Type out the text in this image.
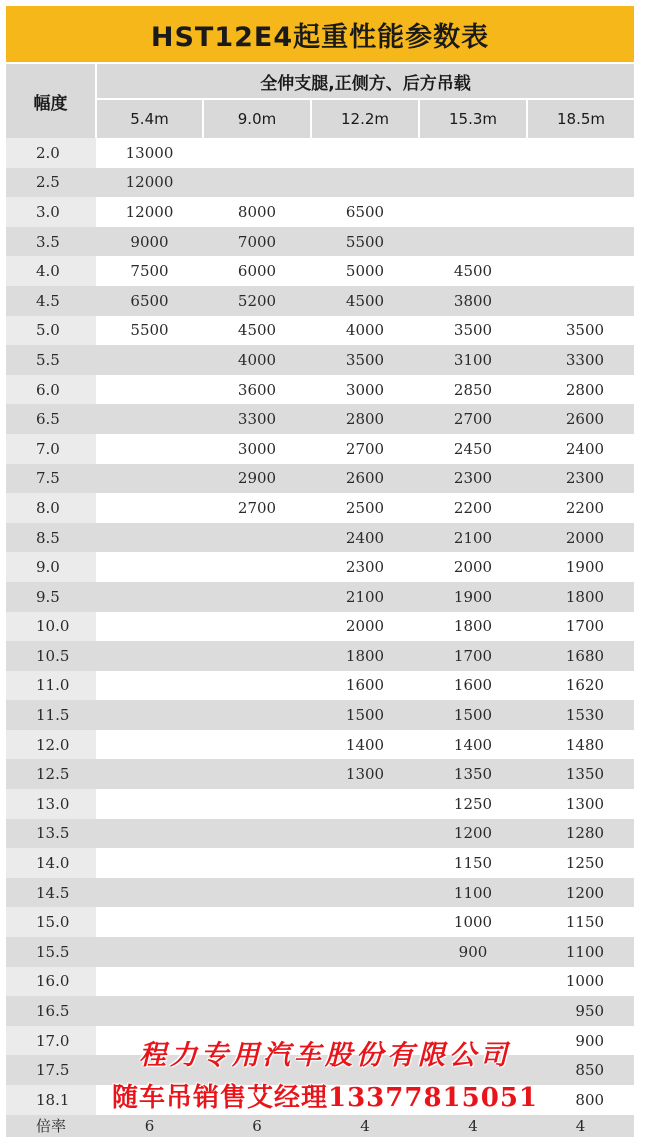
HST12E4起重性能参数表
幅度	全伸支腿,正侧方、后方吊载				
	5.4m	9.0m	12.2m	15.3m	18.5m
2.0	13000				
2.5	12000				
3.0	12000	8000	6500		
3.5	9000	7000	5500		
4.0	7500	6000	5000	4500	
4.5	6500	5200	4500	3800	
5.0	5500	4500	4000	3500	3500
5.5		4000	3500	3100	3300
6.0		3600	3000	2850	2800
6.5		3300	2800	2700	2600
7.0		3000	2700	2450	2400
7.5		2900	2600	2300	2300
8.0		2700	2500	2200	2200
8.5			2400	2100	2000
9.0			2300	2000	1900
9.5			2100	1900	1800
10.0			2000	1800	1700
10.5			1800	1700	1680
11.0			1600	1600	1620
11.5			1500	1500	1530
12.0			1400	1400	1480
12.5			1300	1350	1350
13.0				1250	1300
13.5				1200	1280
14.0				1150	1250
14.5				1100	1200
15.0				1000	1150
15.5				900	1100
16.0					1000
16.5					950
17.0					900
17.5					850
18.1					800
倍率	6	6	4	4	4
程力专用汽车股份有限公司
随车吊销售艾经理13377815051
